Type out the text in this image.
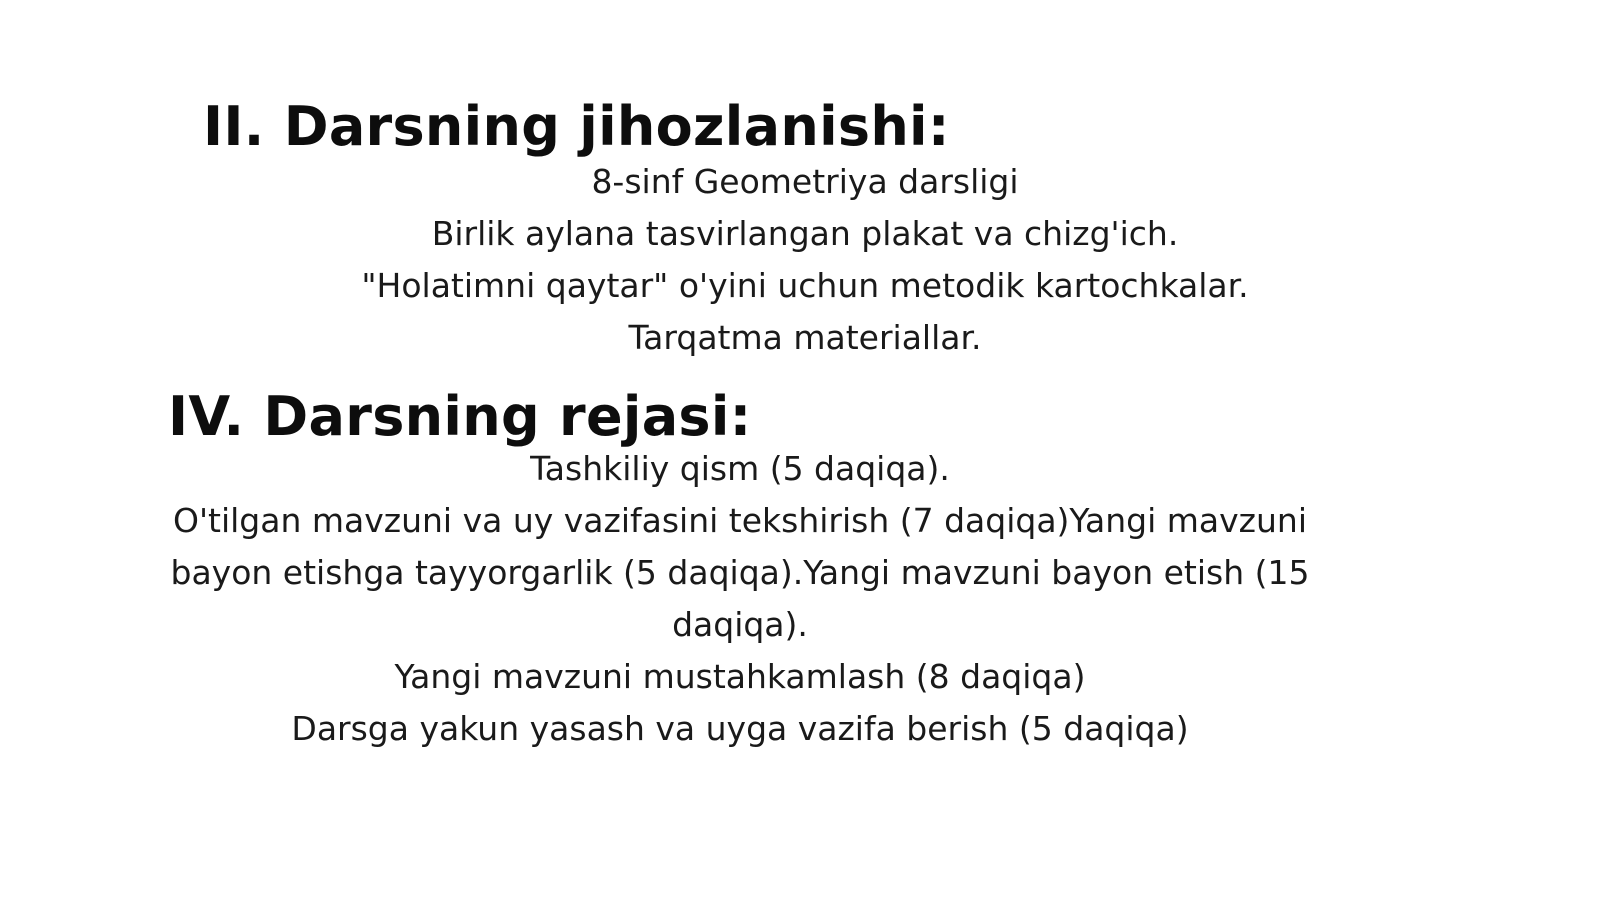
II. Darsning jihozlanishi:

8-sinf Geometriya darsligi

Birlik aylana tasvirlangan plakat va chizg'ich.

"Holatimni qaytar" o'yini uchun metodik kartochkalar.

Tarqatma materiallar.

IV. Darsning rejasi:

Tashkiliy qism (5 daqiqa).

O'tilgan mavzuni va uy vazifasini tekshirish (7 daqiqa)Yangi mavzuni bayon etishga tayyorgarlik (5 daqiqa).Yangi mavzuni bayon etish (15 daqiqa).

Yangi mavzuni mustahkamlash (8 daqiqa)

Darsga yakun yasash va uyga vazifa berish (5 daqiqa)
